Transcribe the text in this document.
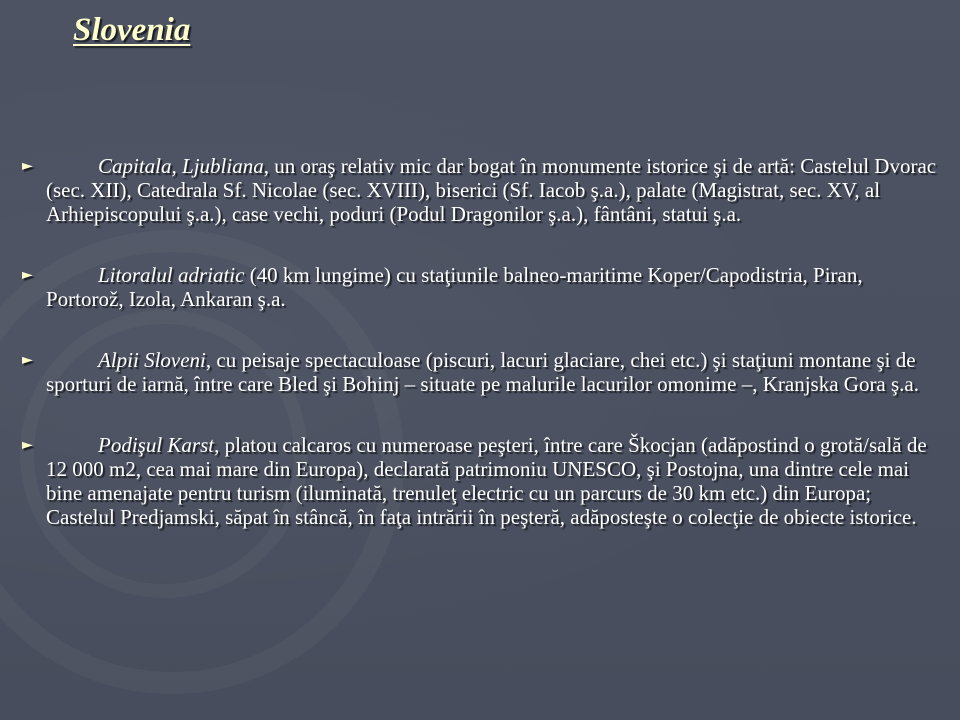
Slovenia
►	Capitala, Ljubliana, un oraş relativ mic dar bogat în monumente istorice şi de artă: Castelul Dvorac (sec. XII), Catedrala Sf. Nicolae (sec. XVIII), biserici (Sf. Iacob ş.a.), palate (Magistrat, sec. XV, al Arhiepiscopului ş.a.), case vechi, poduri (Podul Dragonilor ş.a.), fântâni, statui ş.a.
►	Litoralul adriatic (40 km lungime) cu staţiunile balneo-maritime Koper/Capodistria, Piran, Portorož, Izola, Ankaran ş.a.
►	Alpii Sloveni, cu peisaje spectaculoase (piscuri, lacuri glaciare, chei etc.) şi staţiuni montane şi de sporturi de iarnă, între care Bled şi Bohinj – situate pe malurile lacurilor omonime –, Kranjska Gora ş.a.
►	Podişul Karst, platou calcaros cu numeroase peşteri, între care Škocjan (adăpostind o grotă/sală de 12 000 m2, cea mai mare din Europa), declarată patrimoniu UNESCO, şi Postojna, una dintre cele mai bine amenajate pentru turism (iluminată, trenuleţ electric cu un parcurs de 30 km etc.) din Europa; Castelul Predjamski, săpat în stâncă, în faţa intrării în peşteră, adăposteşte o colecţie de obiecte istorice.
